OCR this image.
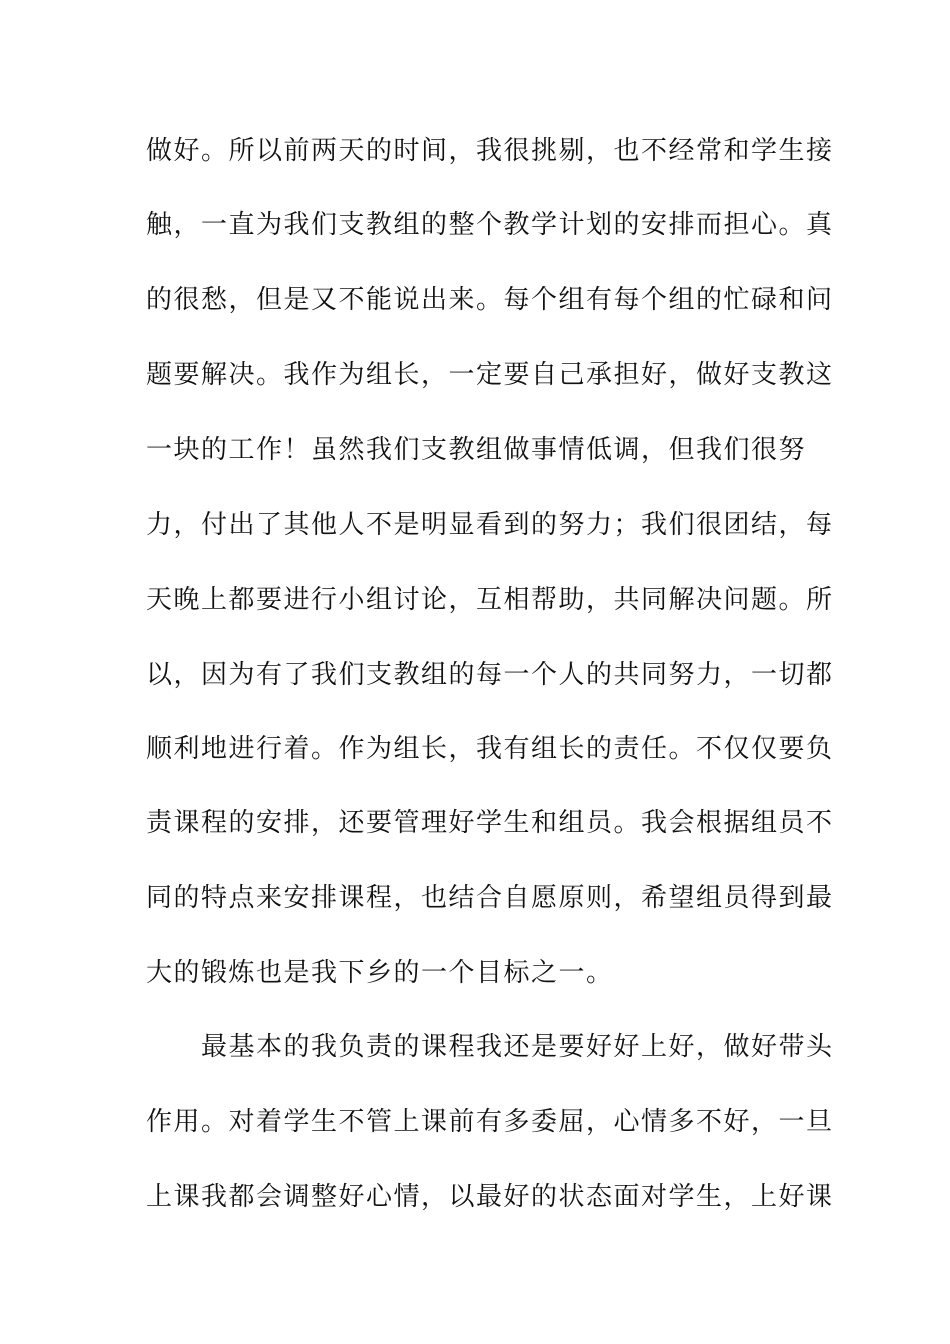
做好。所以前两天的时间，我很挑剔，也不经常和学生接
触，一直为我们支教组的整个教学计划的安排而担心。真
的很愁，但是又不能说出来。每个组有每个组的忙碌和问
题要解决。我作为组长，一定要自己承担好，做好支教这
一块的工作！虽然我们支教组做事情低调，但我们很努
力，付出了其他人不是明显看到的努力；我们很团结，每
天晚上都要进行小组讨论，互相帮助，共同解决问题。所
以，因为有了我们支教组的每一个人的共同努力，一切都
顺利地进行着。作为组长，我有组长的责任。不仅仅要负
责课程的安排，还要管理好学生和组员。我会根据组员不
同的特点来安排课程，也结合自愿原则，希望组员得到最
大的锻炼也是我下乡的一个目标之一。
　　最基本的我负责的课程我还是要好好上好，做好带头
作用。对着学生不管上课前有多委屈，心情多不好，一旦
上课我都会调整好心情，以最好的状态面对学生，上好课
